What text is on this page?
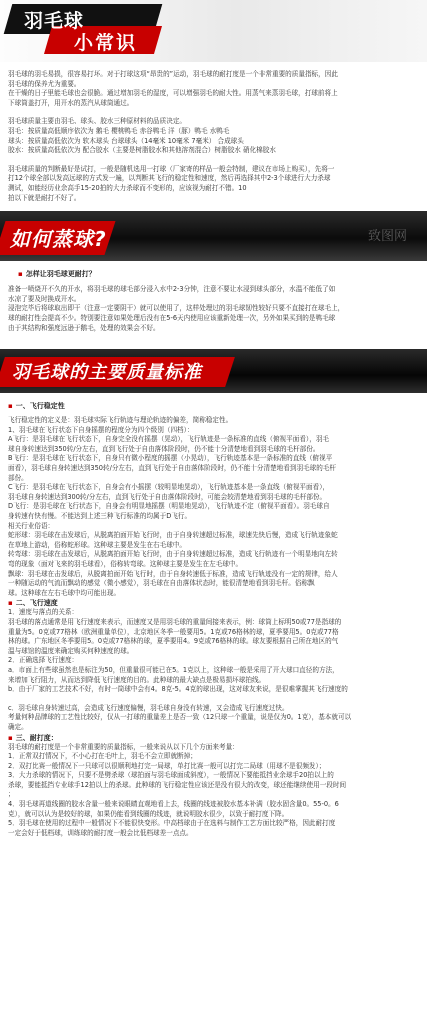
羽毛球
小常识

羽毛球的羽毛易损，很容易打坏。对于打球这项“昂贵的”运动，羽毛球的耐打度是一个非常重要的质量指标，因此

羽毛球的保养尤为重要。

在干燥的日子里能毛球也会很脆。通过增加羽毛的湿度，可以增强羽毛的耐大性。用蒸气来蒸羽毛球，打球前将上

下球筒盖打开，用开水的蒸汽从球筒通过。

羽毛球质量主要由羽毛、球头、胶水三种原材料的品质决定。

羽毛：按质量高低顺序依次为 鹅毛 樱桃鸭毛 赤谷鸭毛 洋（豚）鸭毛 水鸭毛

球头：按质量高低依次为 软木球头 台球球头（14毫米 10毫米 7毫米） 合成球头

胶水：按质量高低依次为 配合胶水（主要是树脂胶水和其他溶剂混合）树脂胶水 硝化棉胶水

羽毛球质量的判断最好是试打，一般是随机选用一打球（厂家寄的样品一般会特制，建议在市场上购买），先将一

打12个球全部以发高远球的方式发一遍，以判断其飞行的稳定性和速度，然后再选择其中2-3个球进行大力杀球

测试，如能经历业余高手15-20拍的大力杀球而不变形的，应该视为耐打不错。10

拍以下就是耐打不好了。

如何蒸球?	致图网
▪ 怎样让羽毛球更耐打？

准备一喷烧开不久的开水，将羽毛球的球毛部分浸入水中2-3分钟，注意不要让水浸到球头部分，水温不能低了如

水凉了要及时换成开水。

浸泡完毕后将球取出即干（注意一定要阴干）就可以使用了，这样处理过的羽毛球韧性较好只要不直接打在球毛上，

球的耐打性会提高不少。特别要注意如果处理后没有在5-6天内使用应该重新处理一次，另外如果买到的是鸭毛球

由于其结构和强度远逊于鹅毛，处理的效果会不好。

羽毛球的主要质量标准
▪ 一、飞行稳定性

飞行稳定性的定义是：羽毛球实际飞行轨迹与理论轨迹的偏差，简称稳定性。

1、羽毛球在飞行状态下自身摇摆的程度分为四个级别（四档）：

A飞行：是羽毛球在飞行状态下，自身完全没有摇摆（晃动），飞行轨迹是一条标准的直线（俯视平面看），羽毛

球自身转速达到350转/分左右，直到飞行处于自由落体阶段时，仍不能十分清楚地看到羽毛球的毛杆部份。

B飞行：是羽毛球在飞行状态下，自身只有微小程度的摇摆（小晃动），飞行轨迹基本是一条标准的直线（俯视平

面看），羽毛球自身转速达到350转/分左右，直到飞行处于自由落体阶段时，仍不能十分清楚地看到羽毛球的毛杆

部份。

C飞行：是羽毛球在飞行状态下，自身会有小摇摆（较明显地晃动），飞行轨迹基本是一条直线（俯视平面看），

羽毛球自身转速达到300转/分左右，直到飞行处于自由落体阶段时，可能会较清楚地看到羽毛球的毛杆部份。

D飞行：是羽毛球在飞行状态下，自身会有明显地摇摆（明显地晃动），飞行轨迹不定（俯视平面看）。羽毛球自

身转速有快有慢。不能达到上述三种飞行标准的均属于D飞行。

相关行业俗语：

蛇形球：羽毛球在击发球后，从脱离拍面开始飞行时，由于自身转速超过标准，球速先快后慢，造成飞行轨迹象蛇

在草地上游动，俗称蛇形球。这种球主要是发生在右毛球中。

转弯球：羽毛球在击发球后，从脱离拍面开始飞行时，由于自身转速超过标准，造成飞行轨迹有一个明显地向左转

弯的现象（面对飞来的羽毛球看），俗称转弯球。这种球主要是发生在左毛球中。

飘球：羽毛球在击发球后，从脱离拍面开始飞行时，由于自身转速低于标准，造成飞行轨迹没有一定的规律，给人

一种随运动的气流而飘动的感觉（微小感觉），羽毛球在自由落体状态时，能很清楚地看到羽毛杆。俗称飘

球。这种球在左右毛球中均可能出现。

▪ 二、飞行速度

1．速度与落点的关系：

羽毛球的落点通常是用飞行速度来表示，而速度又是用羽毛球的重量间接来表示，例：球筒上标明50或77是指球的

重量为5。0克或77格林（欧洲重量单位），北京地区冬季一般要用5。1克或76格林的球，夏季要用5。0克或77格

林的球。广东地区冬季要用5。0克或77格林的球，夏季要用4。9克或76格林的球。球友要根据自己所在地区的气

温与球馆的温度来确定购买何种速度的球。

2．正确选择飞行速度：

a．市面上有些球虽然也是标注为50，但重量很可能已在5。1克以上，这种球一般是采用了开大球口直径的方法，

来增加飞行阻力，从而达到降低飞行速度的目的。此种球的最大缺点是极易损坏球拍线。

b．由于厂家的工艺技术不好，有时一筒球中会有4。8克-5。4克的球出现，这对球友来说，是很难掌握其飞行速度的

c．羽毛球自身转速过高，会造成飞行速度偏慢，羽毛球自身没有转速，又会造成飞行速度过快。

考量何种品牌球的工艺性比较好，仅从一打球的重量差上是否一致（12只球一个重量，说是仅为0。1克），基本就可以

确定。

▪ 三、耐打度：

羽毛球的耐打度是一个非常重要的质量指标，一般来说从以下几个方面来考量：

1．正常双打情况下，不小心打在毛叶上，羽毛不会立即就断掉；

2．双打比赛一般情况下一只球可以很顺利地打完一局球，单打比赛一般可以打完二局球（用球不是很频发）；

3．大力杀球的情况下，只要不是劈杀球（球拍面与羽毛球面成斜度），一般情况下要能抵挡业余球手20拍以上的

杀球，要能抵挡专业球手12拍以上的杀球。此种球的飞行稳定性应该还是没有很大的改变，球还能继续使用一段时间

；

4．羽毛球再道线圈的胶水含量一般来说眼睛直观地看上去，线圈的线迹被胶水基本补满（胶水固含量0。55-0。6

克），就可以认为是较好的球，如果仍能看到线圈的线迹，就说明胶水很少，以致于耐打度下降。

5．羽毛球在使用的过程中一般情况下不能很快变形。中高档球由于在选料与制作工艺方面比较严格，因此耐打度

一定会好于低档球，训练球的耐打度一般会比低档球差一点点。
